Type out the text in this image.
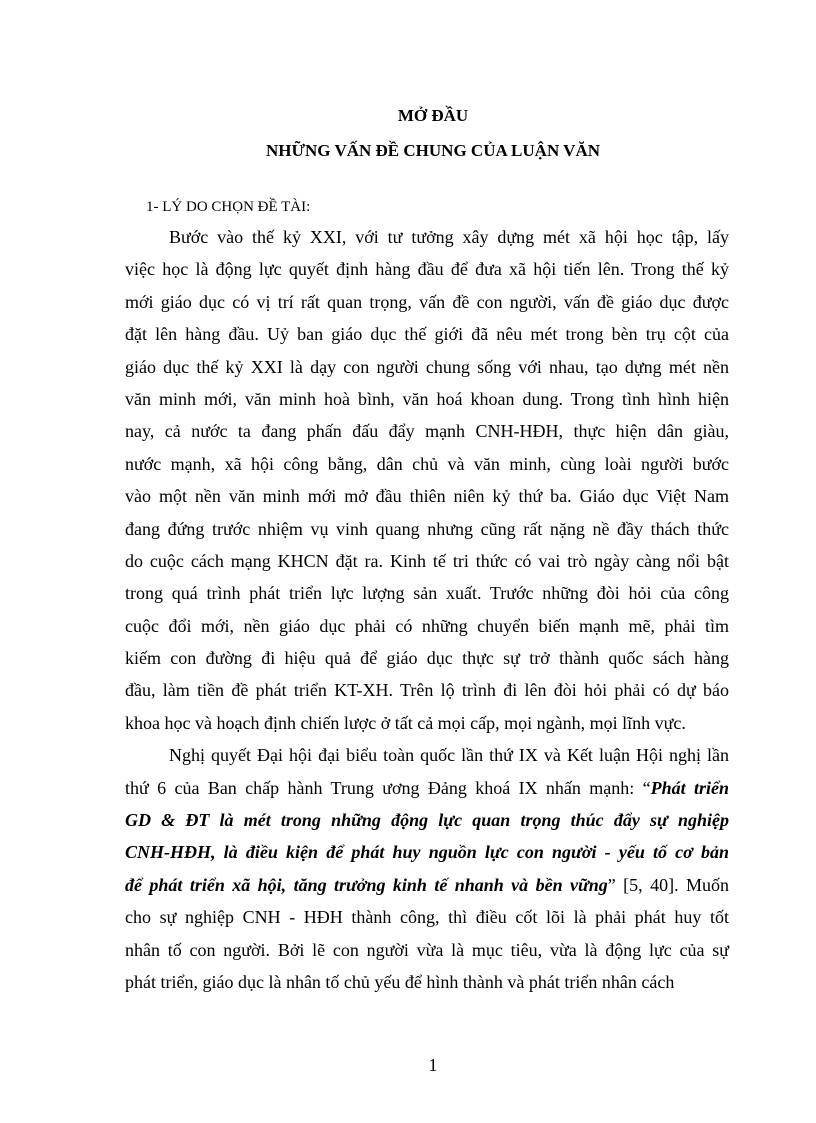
MỞ ĐẦU
NHỮNG VẤN ĐỀ CHUNG CỦA LUẬN VĂN
1- LÝ DO CHỌN ĐỀ TÀI:
Bước vào thế kỷ XXI, với tư tưởng xây dựng mét xã hội học tập, lấy
việc học là động lực quyết định hàng đầu để đưa xã hội tiến lên. Trong thế kỷ
mới giáo dục có vị trí rất quan trọng, vấn đề con người, vấn đề giáo dục được
đặt lên hàng đầu. Uỷ ban giáo dục thế giới đã nêu mét trong bèn trụ cột của
giáo dục thế kỷ XXI là dạy con người chung sống với nhau, tạo dựng mét nền
văn minh mới, văn minh hoà bình, văn hoá khoan dung. Trong tình hình hiện
nay, cả nước ta đang phấn đấu đẩy mạnh CNH-HĐH, thực hiện dân giàu,
nước mạnh, xã hội công bằng, dân chủ và văn minh, cùng loài người bước
vào một nền văn minh mới mở đầu thiên niên kỷ thứ ba. Giáo dục Việt Nam
đang đứng trước nhiệm vụ vinh quang nhưng cũng rất nặng nề đầy thách thức
do cuộc cách mạng KHCN đặt ra. Kinh tế tri thức có vai trò ngày càng nổi bật
trong quá trình phát triển lực lượng sản xuất. Trước những đòi hỏi của công
cuộc đổi mới, nền giáo dục phải có những chuyển biến mạnh mẽ, phải tìm
kiếm con đường đi hiệu quả để giáo dục thực sự trở thành quốc sách hàng
đầu, làm tiền đề phát triển KT-XH. Trên lộ trình đi lên đòi hỏi phải có dự báo
khoa học và hoạch định chiến lược ở tất cả mọi cấp, mọi ngành, mọi lĩnh vực.
Nghị quyết Đại hội đại biểu toàn quốc lần thứ IX và Kết luận Hội nghị lần
thứ 6 của Ban chấp hành Trung ương Đảng khoá IX nhấn mạnh: “Phát triển
GD & ĐT là mét trong những động lực quan trọng thúc đẩy sự nghiệp
CNH-HĐH, là điều kiện để phát huy nguồn lực con người - yếu tố cơ bản
để phát triển xã hội, tăng trưởng kinh tế nhanh và bền vững” [5, 40]. Muốn
cho sự nghiệp CNH - HĐH thành công, thì điều cốt lõi là phải phát huy tốt
nhân tố con người. Bởi lẽ con người vừa là mục tiêu, vừa là động lực của sự
phát triển, giáo dục là nhân tố chủ yếu để hình thành và phát triển nhân cách
1
